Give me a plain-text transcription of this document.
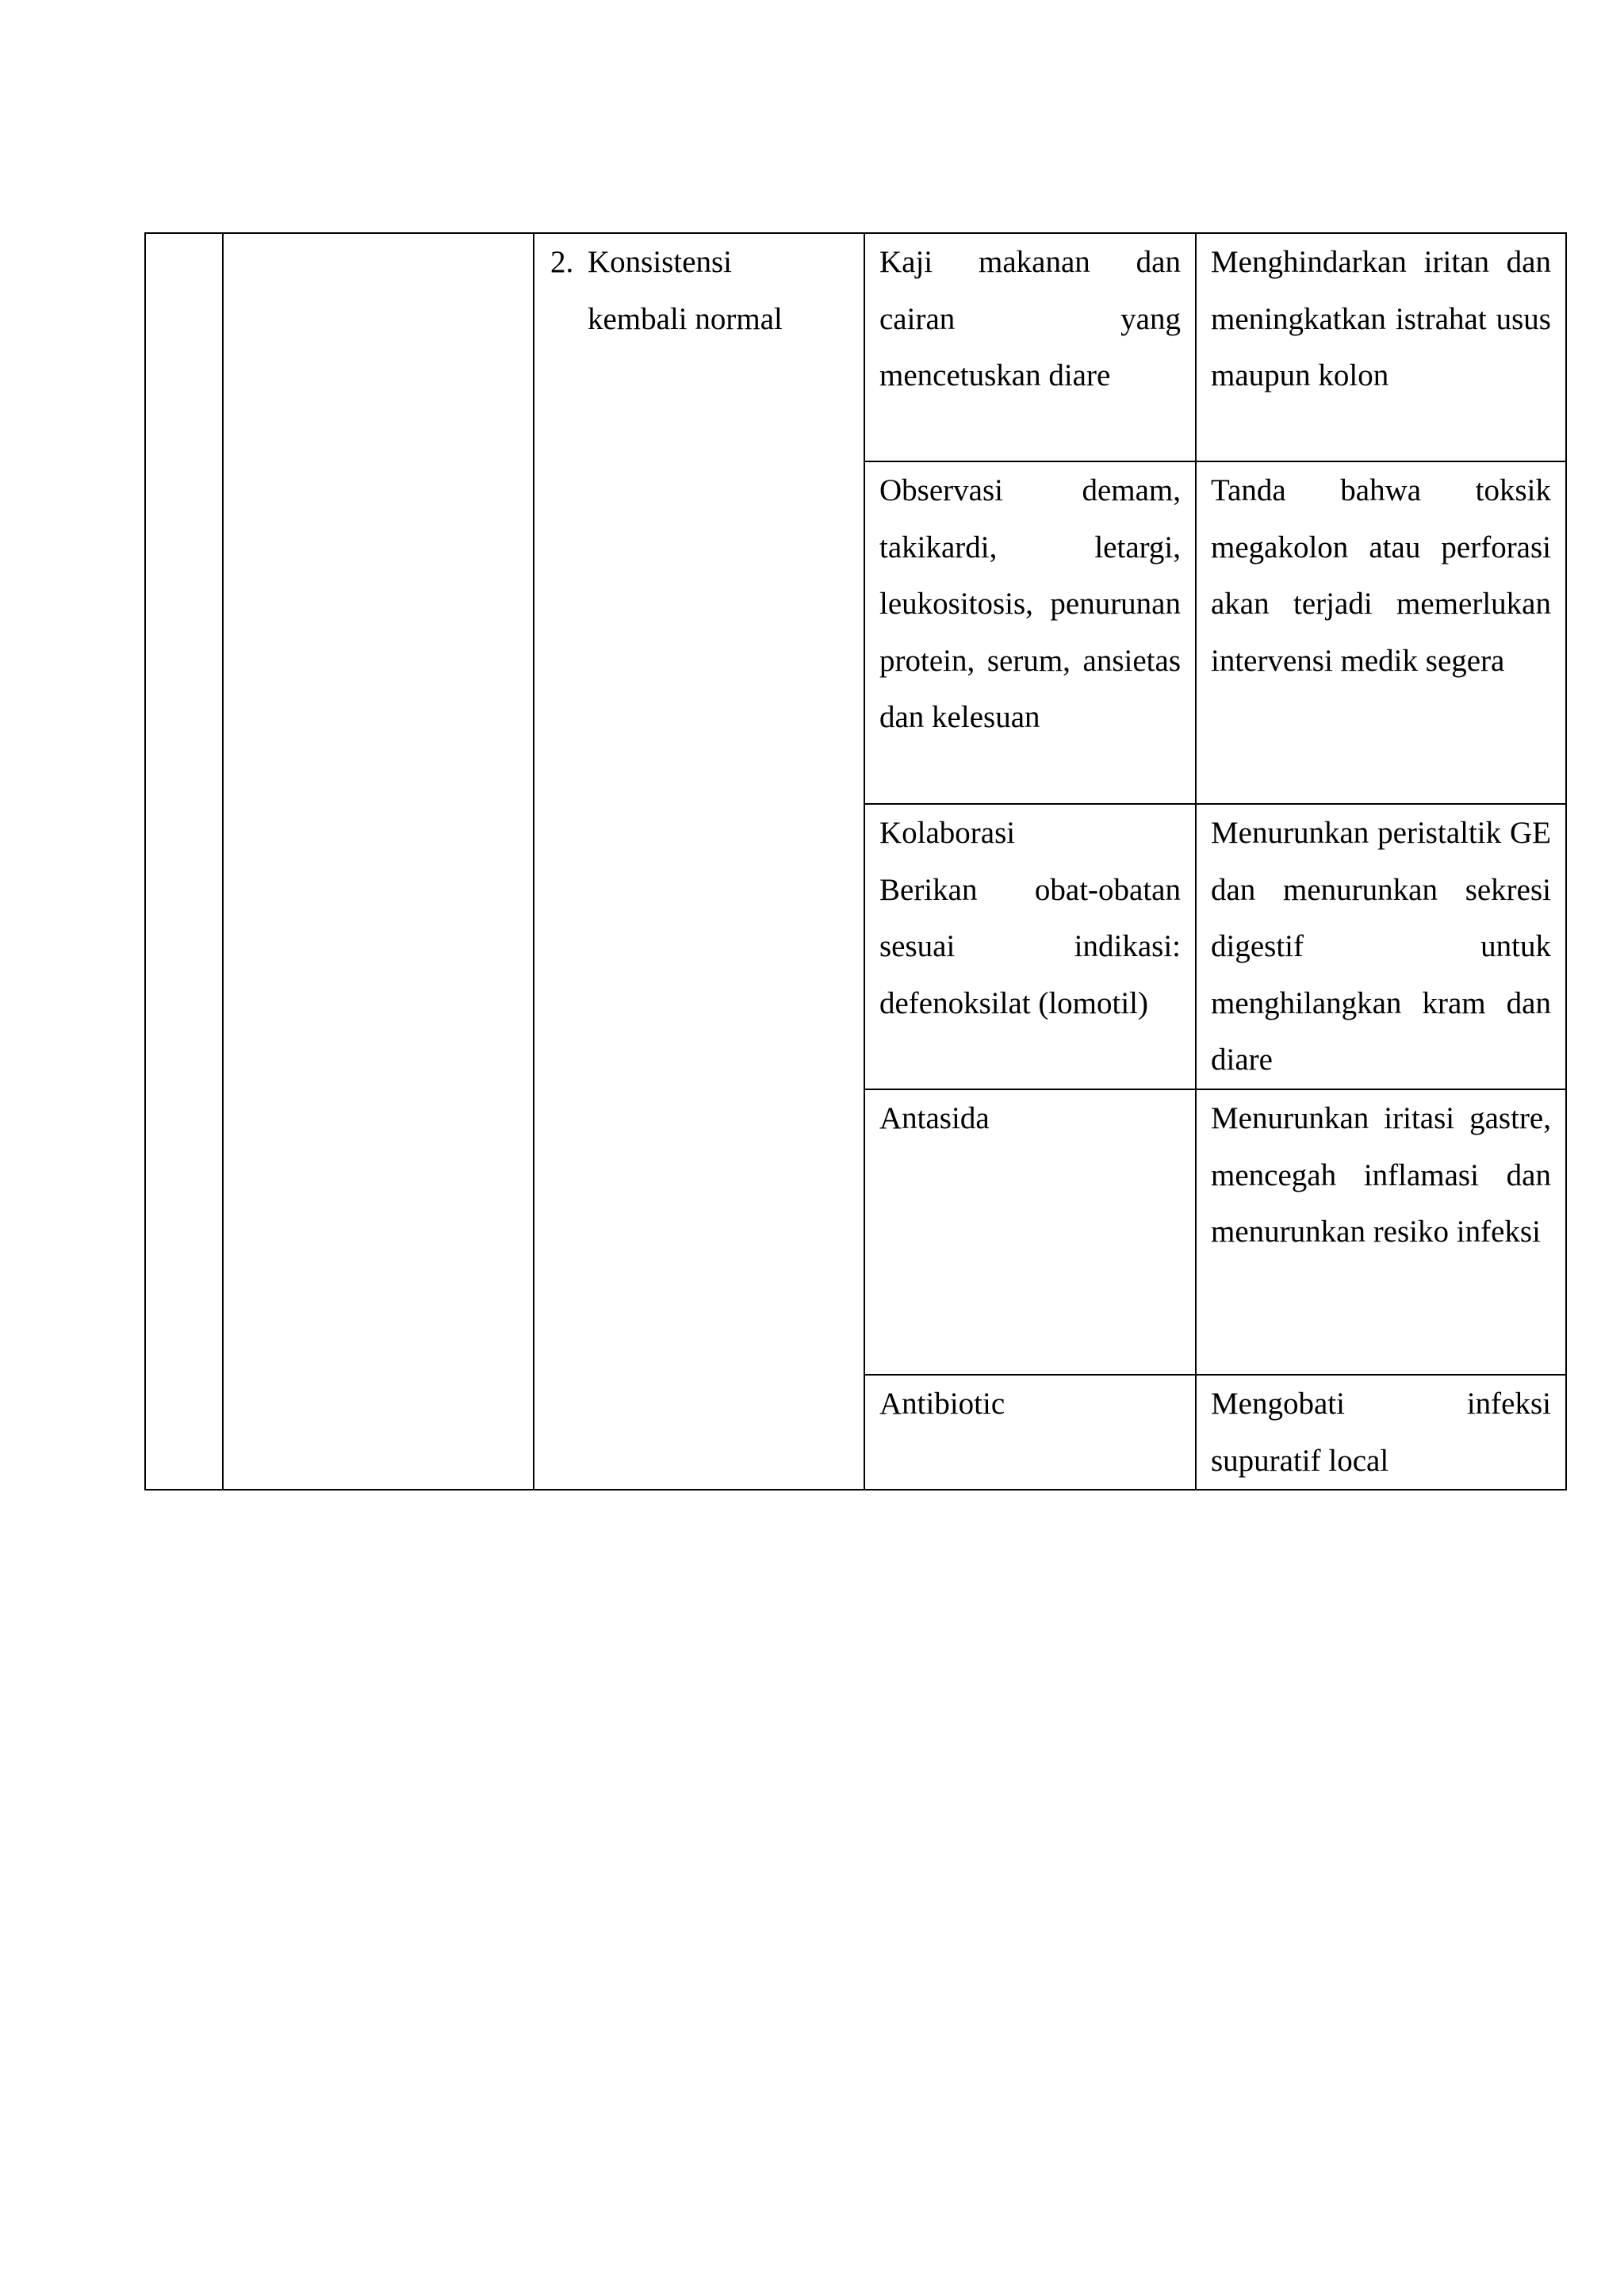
		2. Konsistensi
kembali normal	Kaji makanan dan cairan yang mencetuskan diare	Menghindarkan iritan dan meningkatkan istrahat usus maupun kolon
			Observasi demam, takikardi, letargi, leukositosis, penurunan protein, serum, ansietas dan kelesuan	Tanda bahwa toksik megakolon atau perforasi akan terjadi memerlukan intervensi medik segera

			Kolaborasi
Berikan obat-obatan sesuai indikasi: defenoksilat (lomotil)	Menurunkan peristaltik GE dan menurunkan sekresi digestif untuk menghilangkan kram dan diare
			Antasida	Menurunkan iritasi gastre, mencegah inflamasi dan menurunkan resiko infeksi
			Antibiotic	Mengobati infeksi supuratif local
